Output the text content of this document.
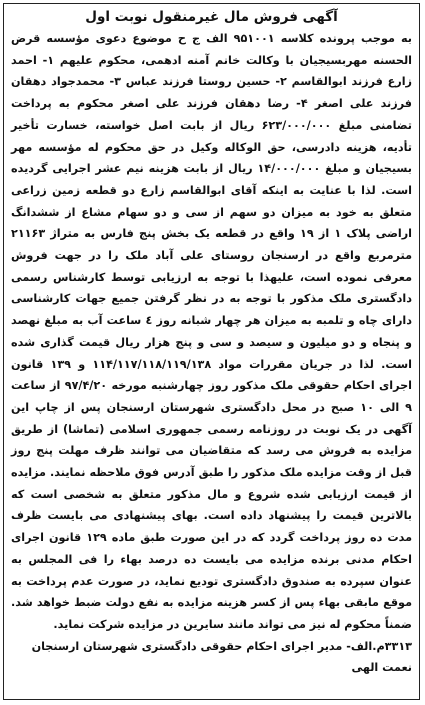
آگهی فروش مال غیرمنقول نوبت اول

به موجب پرونده کلاسه ۹۵۱۰۰۱ الف ج ح موضوع دعوی مؤسسه قرض الحسنه مهربسیجیان با وکالت خانم آمنه ادهمی، محکوم علیهم ۱- احمد زارع فرزند ابوالقاسم ۲- حسین روستا فرزند عباس ۳- محمدجواد دهقان فرزند علی اصغر ۴- رضا دهقان فرزند علی اصغر محکوم به پرداخت تضامنی مبلغ ۶۲۳/۰۰۰/۰۰۰ ریال از بابت اصل خواسته، خسارت تأخیر تأدیه، هزینه دادرسی، حق الوکاله وکیل در حق محکوم له مؤسسه مهر بسیجیان و مبلغ ۱۴/۰۰۰/۰۰۰ ریال از بابت هزینه نیم عشر اجرایی گردیده است. لذا با عنایت به اینکه آقای ابوالقاسم زارع دو قطعه زمین زراعی متعلق به خود به میزان دو سهم از سی و دو سهام مشاع از ششدانگ اراضی پلاک ۱ از ۱۹ واقع در قطعه یک بخش پنج فارس به متراژ ۲۱۱۶۳ مترمربع واقع در ارسنجان روستای علی آباد ملک را در جهت فروش معرفی نموده است، علیهذا با توجه به ارزیابی توسط کارشناس رسمی دادگستری ملک مذکور با توجه به در نظر گرفتن جمیع جهات کارشناسی دارای چاه و تلمبه به میزان هر چهار شبانه روز ٤ ساعت آب به مبلغ نهصد و پنجاه و دو میلیون و سیصد و سی و پنج هزار ریال قیمت گذاری شده است. لذا در جریان مقررات مواد ۱۱۴/۱۱۷/۱۱۸/۱۱۹/۱۳۸ و ۱۳۹ قانون اجرای احکام حقوقی ملک مذکور روز چهارشنبه مورخه ۹۷/۴/۲۰ از ساعت ۹ الی ۱۰ صبح در محل دادگستری شهرستان ارسنجان پس از چاپ این آگهی در یک نوبت در روزنامه رسمی جمهوری اسلامی (تماشا) از طریق مزایده به فروش می رسد که متقاضیان می توانند ظرف مهلت پنج روز قبل از وقت مزایده ملک مذکور را طبق آدرس فوق ملاحظه نمایند. مزایده از قیمت ارزیابی شده شروع و مال مذکور متعلق به شخصی است که بالاترین قیمت را پیشنهاد داده است. بهای پیشنهادی می بایست ظرف مدت ده روز پرداخت گردد که در این صورت طبق ماده ۱۲۹ قانون اجرای احکام مدنی برنده مزایده می بایست ده درصد بهاء را فی المجلس به عنوان سپرده به صندوق دادگستری تودیع نماید، در صورت عدم پرداخت به موقع مابقی بهاء پس از کسر هزینه مزایده به نفع دولت ضبط خواهد شد. ضمناً محکوم له نیز می تواند مانند سایرین در مزایده شرکت نماید.

۳۳۱۳م.الف- مدیر اجرای احکام حقوقی دادگستری شهرستان ارسنجان

نعمت الهی
